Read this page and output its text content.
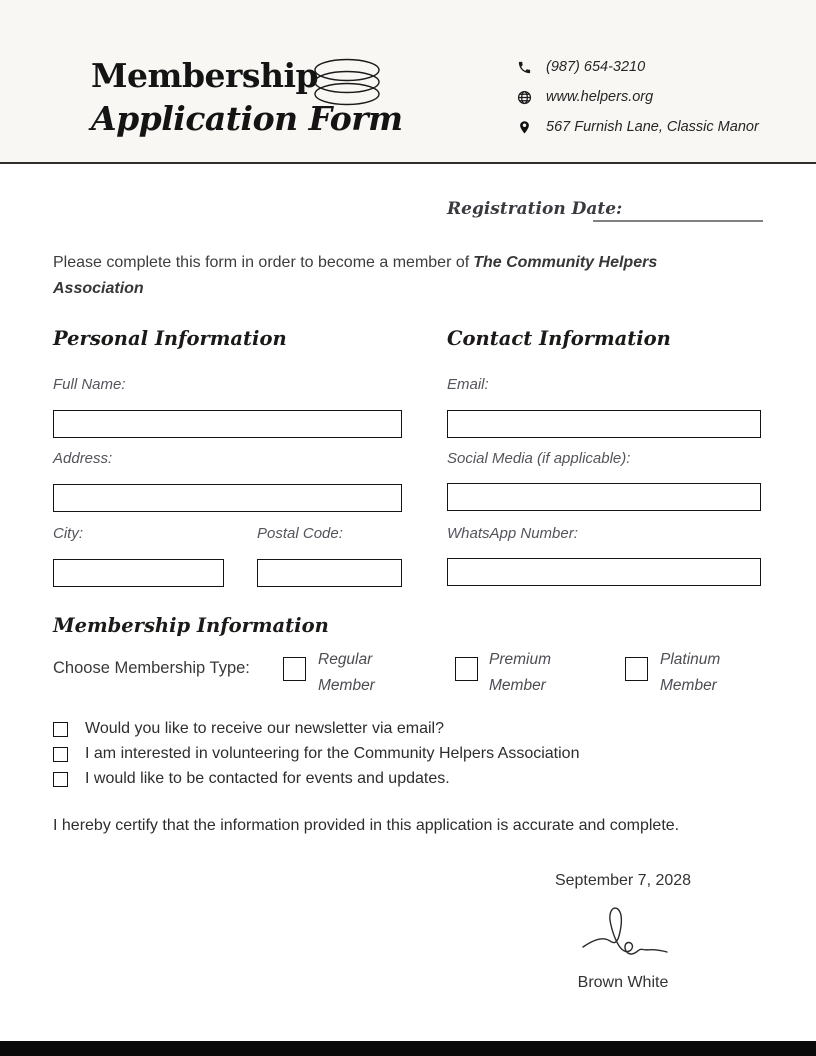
Membership
Application Form
(987) 654-3210
www.helpers.org
567 Furnish Lane, Classic Manor
Registration Date:
Please complete this form in order to become a member of The Community Helpers Association
Personal Information
Full Name:
Address:
City:	Postal Code:
Contact Information
Email:
Social Media (if applicable):
WhatsApp Number:
Membership Information
Choose Membership Type:	Regular Member
Premium Member
Platinum Member
Would you like to receive our newsletter via email?
I am interested in volunteering for the Community Helpers Association
I would like to be contacted for events and updates.
I hereby certify that the information provided in this application is accurate and complete.
September 7, 2028
Brown White
